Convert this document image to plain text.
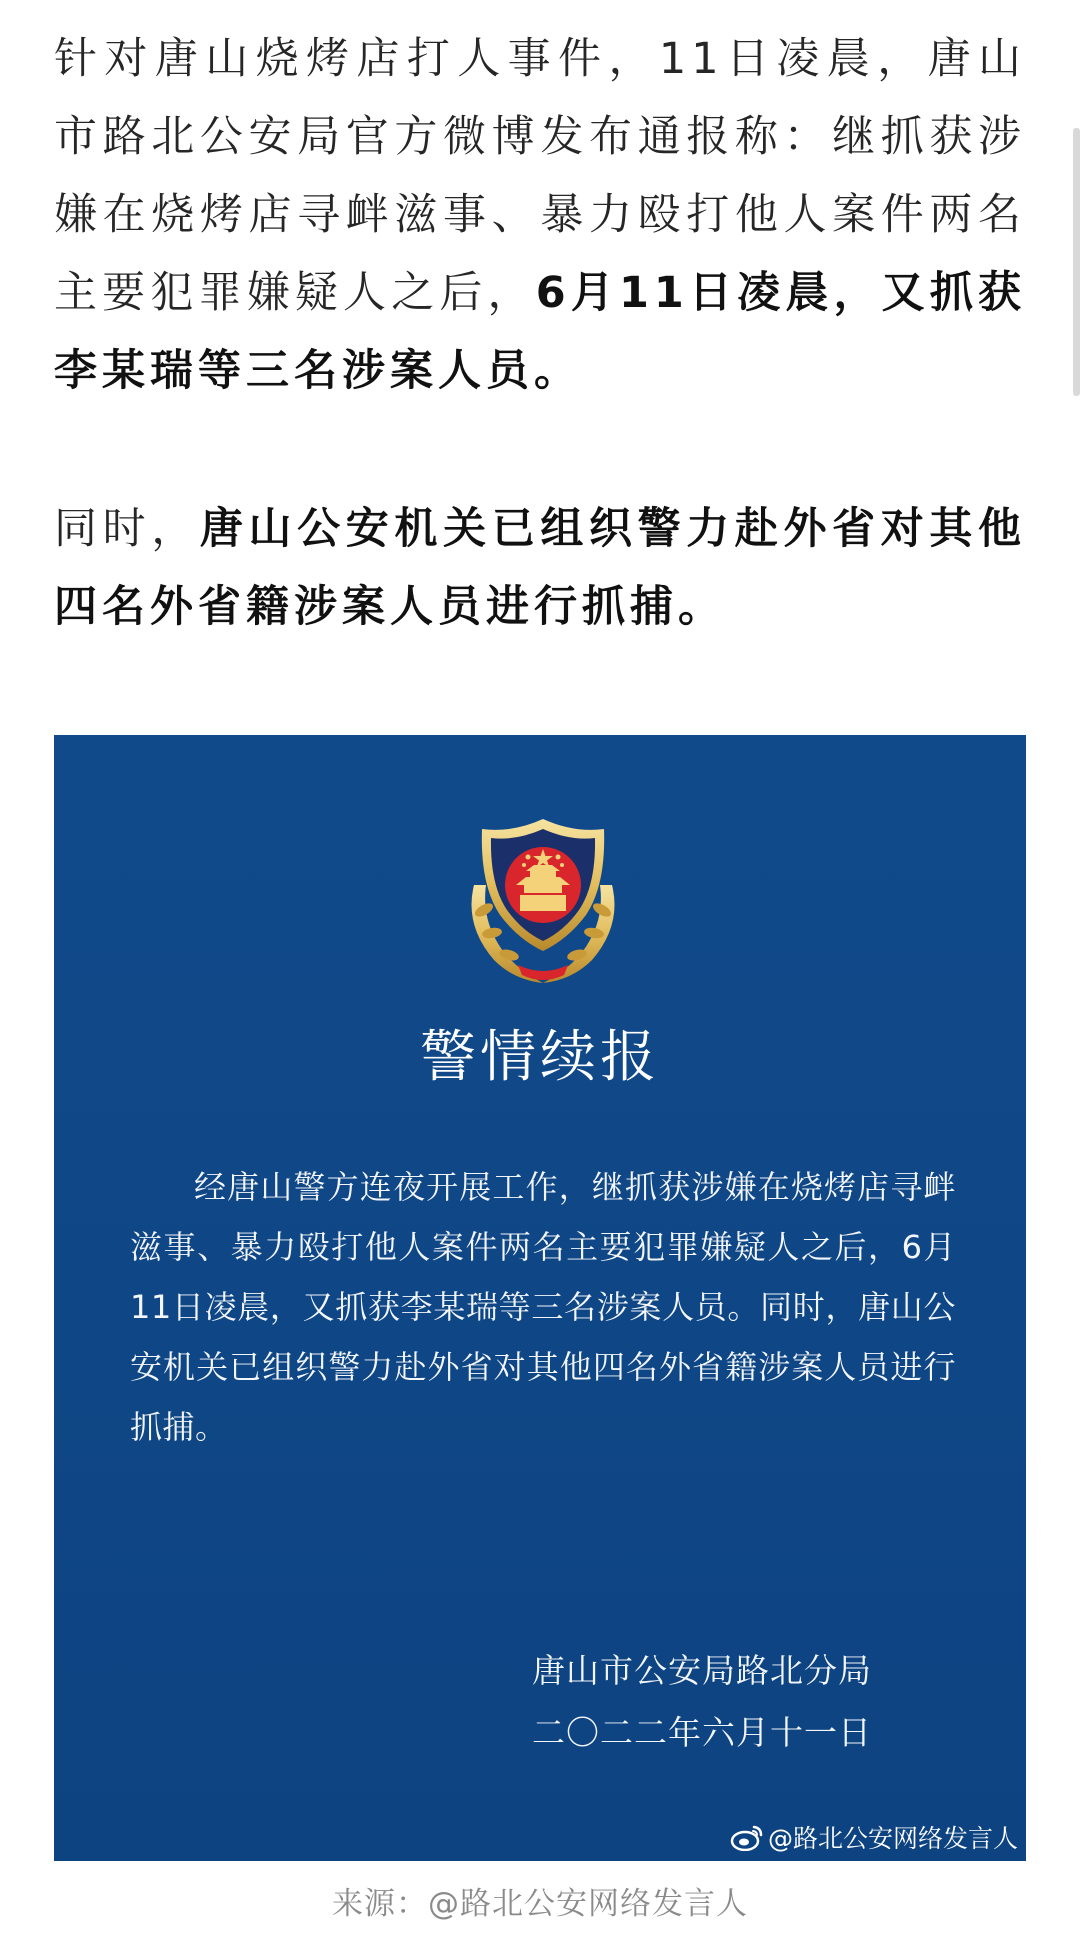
针对唐山烧烤店打人事件，11日凌晨，唐山市路北公安局官方微博发布通报称：继抓获涉嫌在烧烤店寻衅滋事、暴力殴打他人案件两名主要犯罪嫌疑人之后，6月11日凌晨，又抓获李某瑞等三名涉案人员。

同时，唐山公安机关已组织警力赴外省对其他四名外省籍涉案人员进行抓捕。

警情续报
经唐山警方连夜开展工作，继抓获涉嫌在烧烤店寻衅滋事、暴力殴打他人案件两名主要犯罪嫌疑人之后，6月11日凌晨，又抓获李某瑞等三名涉案人员。同时，唐山公安机关已组织警力赴外省对其他四名外省籍涉案人员进行抓捕。
唐山市公安局路北分局
二〇二二年六月十一日
@路北公安网络发言人
来源：@路北公安网络发言人
